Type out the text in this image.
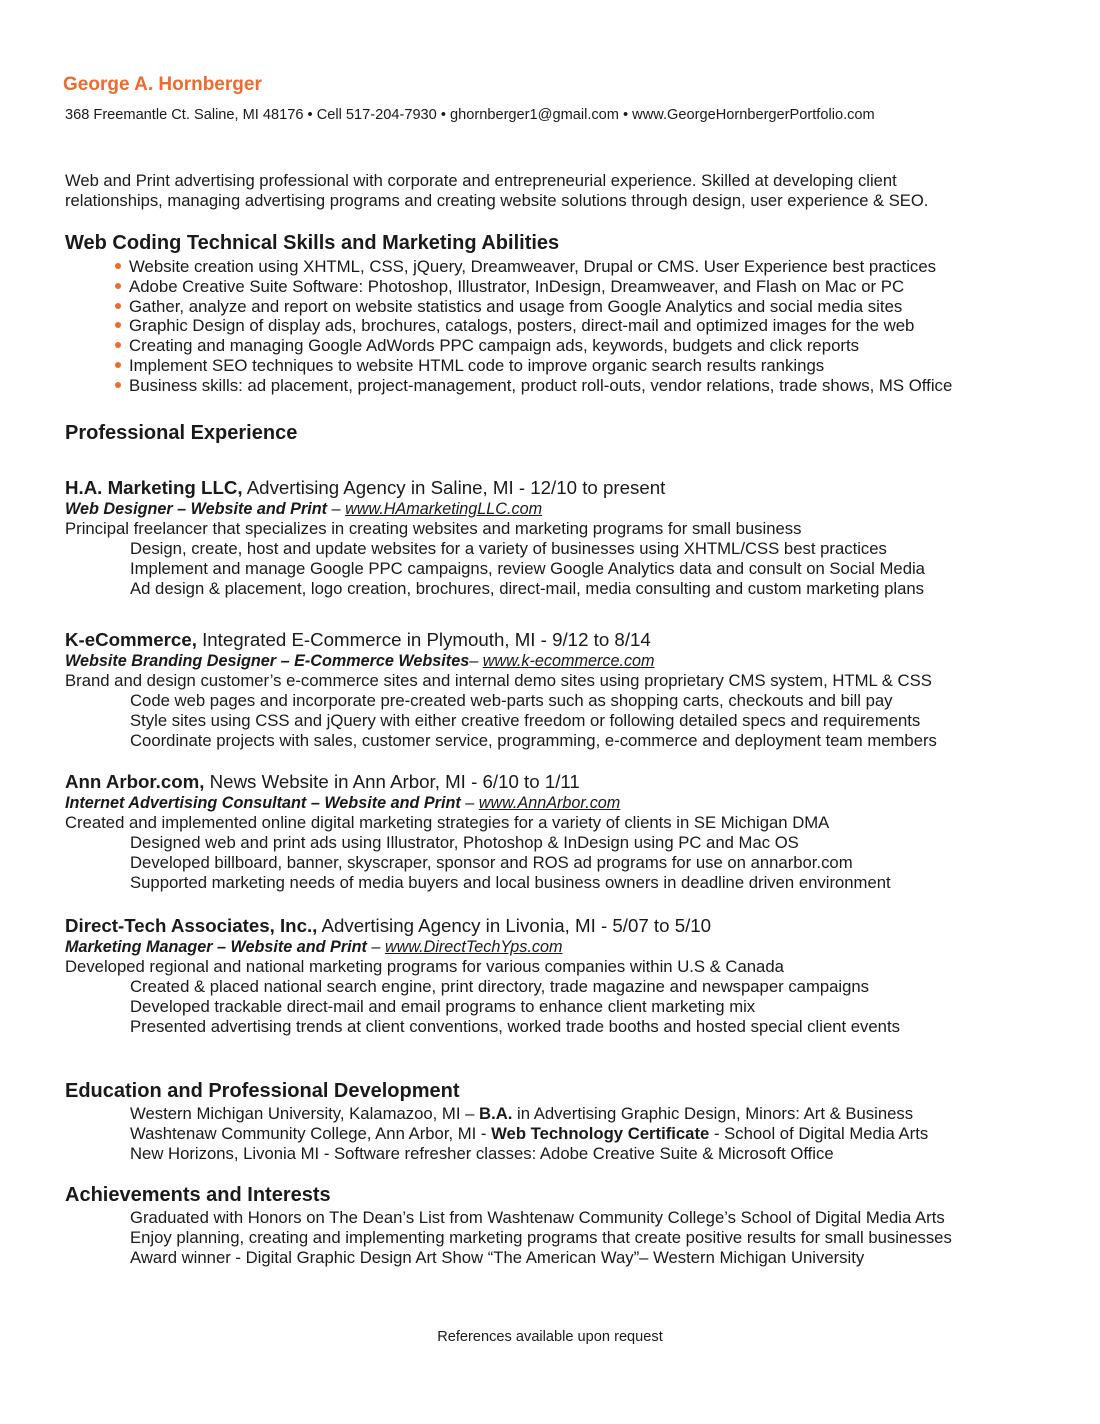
George A. Hornberger
368 Freemantle Ct. Saline, MI 48176 • Cell 517-204-7930 • ghornberger1@gmail.com • www.GeorgeHornbergerPortfolio.com
Web and Print advertising professional with corporate and entrepreneurial experience. Skilled at developing client
relationships, managing advertising programs and creating website solutions through design, user experience & SEO.
Web Coding Technical Skills and Marketing Abilities
Website creation using XHTML, CSS, jQuery, Dreamweaver, Drupal or CMS. User Experience best practices
Adobe Creative Suite Software: Photoshop, Illustrator, InDesign, Dreamweaver, and Flash on Mac or PC
Gather, analyze and report on website statistics and usage from Google Analytics and social media sites
Graphic Design of display ads, brochures, catalogs, posters, direct-mail and optimized images for the web
Creating and managing Google AdWords PPC campaign ads, keywords, budgets and click reports
Implement SEO techniques to website HTML code to improve organic search results rankings
Business skills: ad placement, project-management, product roll-outs, vendor relations, trade shows, MS Office
Professional Experience
H.A. Marketing LLC, Advertising Agency in Saline, MI - 12/10 to present
Web Designer – Website and Print – www.HAmarketingLLC.com
Principal freelancer that specializes in creating websites and marketing programs for small business
Design, create, host and update websites for a variety of businesses using XHTML/CSS best practices
Implement and manage Google PPC campaigns, review Google Analytics data and consult on Social Media
Ad design & placement, logo creation, brochures, direct-mail, media consulting and custom marketing plans
K-eCommerce, Integrated E-Commerce in Plymouth, MI - 9/12 to 8/14
Website Branding Designer – E-Commerce Websites– www.k-ecommerce.com
Brand and design customer’s e-commerce sites and internal demo sites using proprietary CMS system, HTML & CSS
Code web pages and incorporate pre-created web-parts such as shopping carts, checkouts and bill pay
Style sites using CSS and jQuery with either creative freedom or following detailed specs and requirements
Coordinate projects with sales, customer service, programming, e-commerce and deployment team members
Ann Arbor.com, News Website in Ann Arbor, MI - 6/10 to 1/11
Internet Advertising Consultant – Website and Print – www.AnnArbor.com
Created and implemented online digital marketing strategies for a variety of clients in SE Michigan DMA
Designed web and print ads using Illustrator, Photoshop & InDesign using PC and Mac OS
Developed billboard, banner, skyscraper, sponsor and ROS ad programs for use on annarbor.com
Supported marketing needs of media buyers and local business owners in deadline driven environment
Direct-Tech Associates, Inc., Advertising Agency in Livonia, MI - 5/07 to 5/10
Marketing Manager – Website and Print – www.DirectTechYps.com
Developed regional and national marketing programs for various companies within U.S & Canada
Created & placed national search engine, print directory, trade magazine and newspaper campaigns
Developed trackable direct-mail and email programs to enhance client marketing mix
Presented advertising trends at client conventions, worked trade booths and hosted special client events
Education and Professional Development
Western Michigan University, Kalamazoo, MI – B.A. in Advertising Graphic Design, Minors: Art & Business
Washtenaw Community College, Ann Arbor, MI - Web Technology Certificate - School of Digital Media Arts
New Horizons, Livonia MI - Software refresher classes: Adobe Creative Suite & Microsoft Office
Achievements and Interests
Graduated with Honors on The Dean’s List from Washtenaw Community College’s School of Digital Media Arts
Enjoy planning, creating and implementing marketing programs that create positive results for small businesses
Award winner - Digital Graphic Design Art Show “The American Way”– Western Michigan University
References available upon request
